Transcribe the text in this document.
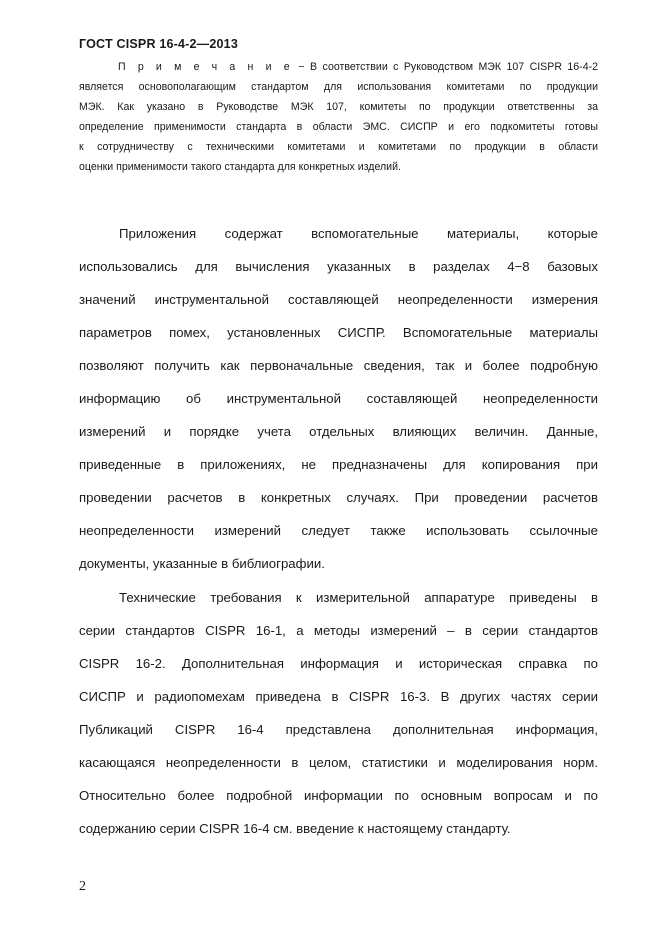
ГОСТ CISPR 16-4-2—2013

П р и м е ч а н и е − В соответствии с Руководством МЭК 107 CISPR 16-4-2

является основополагающим стандартом для использования комитетами по продукции

МЭК. Как указано в Руководстве МЭК 107, комитеты по продукции ответственны за

определение применимости стандарта в области ЭМС. СИСПР и его подкомитеты готовы

к сотрудничеству с техническими комитетами и комитетами по продукции в области

оценки применимости такого стандарта для конкретных изделий.

Приложения содержат вспомогательные материалы, которые
использовались для вычисления указанных в разделах 4−8 базовых
значений инструментальной составляющей неопределенности измерения
параметров помех, установленных СИСПР. Вспомогательные материалы
позволяют получить как первоначальные сведения, так и более подробную
информацию об инструментальной составляющей неопределенности
измерений и порядке учета отдельных влияющих величин. Данные,
приведенные в приложениях, не предназначены для копирования при
проведении расчетов в конкретных случаях. При проведении расчетов
неопределенности измерений следует также использовать ссылочные
документы, указанные в библиографии.
Технические требования к измерительной аппаратуре приведены в
серии стандартов CISPR 16-1, а методы измерений – в серии стандартов
CISPR 16-2. Дополнительная информация и историческая справка по
СИСПР и радиопомехам приведена в CISPR 16-3. В других частях серии
Публикаций CISPR 16-4 представлена дополнительная информация,
касающаяся неопределенности в целом, статистики и моделирования норм.
Относительно более подробной информации по основным вопросам и по
содержанию серии CISPR 16-4 см. введение к настоящему стандарту.
2
